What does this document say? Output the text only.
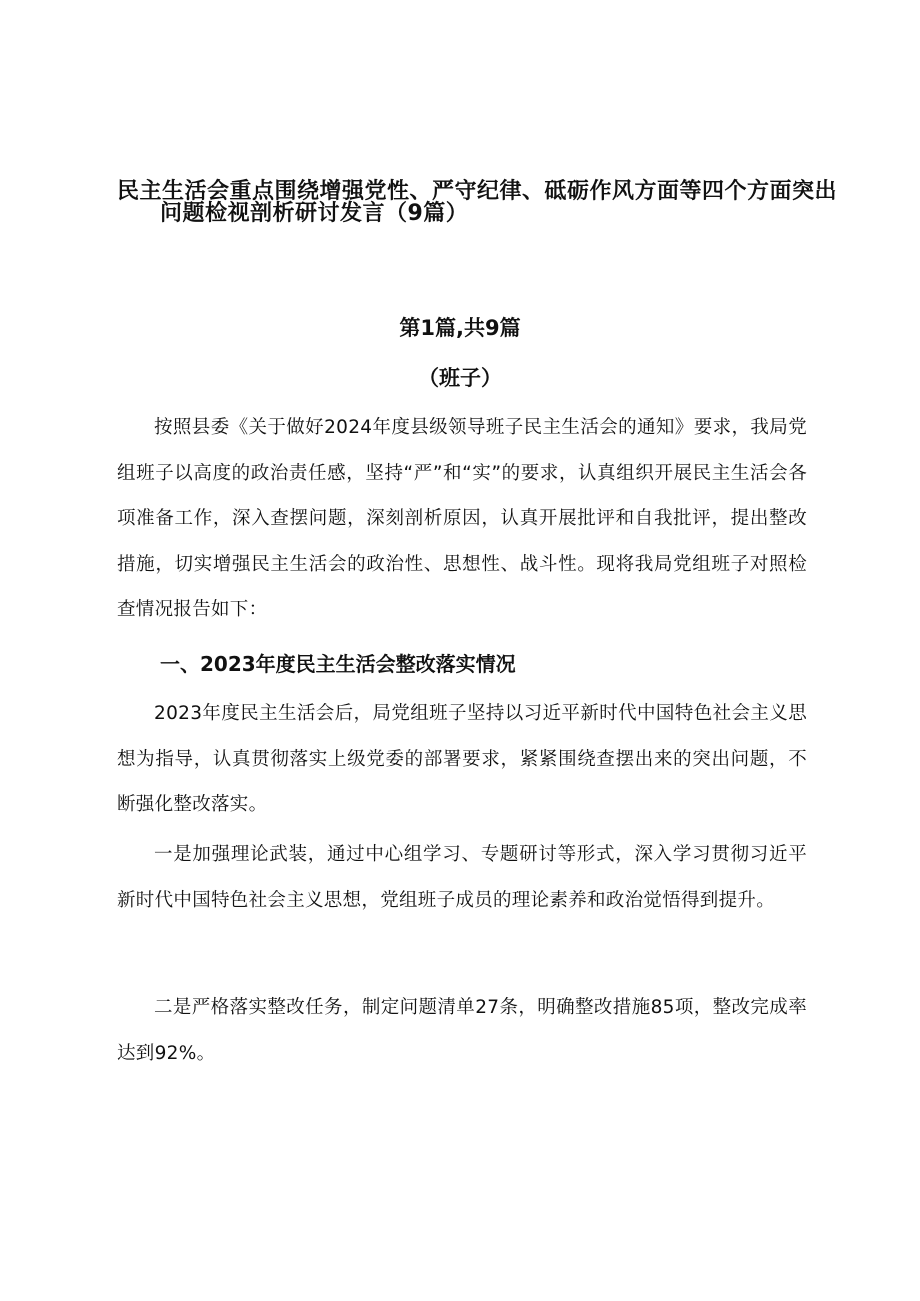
民主生活会重点围绕增强党性、严守纪律、砥砺作风方面等四个方面突出
问题检视剖析研讨发言（9篇）
第1篇,共9篇
（班子）
按照县委《关于做好2024年度县级领导班子民主生活会的通知》要求，我局党组班子以高度的政治责任感，坚持“严”和“实”的要求，认真组织开展民主生活会各项准备工作，深入查摆问题，深刻剖析原因，认真开展批评和自我批评，提出整改措施，切实增强民主生活会的政治性、思想性、战斗性。现将我局党组班子对照检查情况报告如下：
一、2023年度民主生活会整改落实情况
2023年度民主生活会后，局党组班子坚持以习近平新时代中国特色社会主义思想为指导，认真贯彻落实上级党委的部署要求，紧紧围绕查摆出来的突出问题，不断强化整改落实。
一是加强理论武装，通过中心组学习、专题研讨等形式，深入学习贯彻习近平新时代中国特色社会主义思想，党组班子成员的理论素养和政治觉悟得到提升。
二是严格落实整改任务，制定问题清单27条，明确整改措施85项，整改完成率达到92%。
